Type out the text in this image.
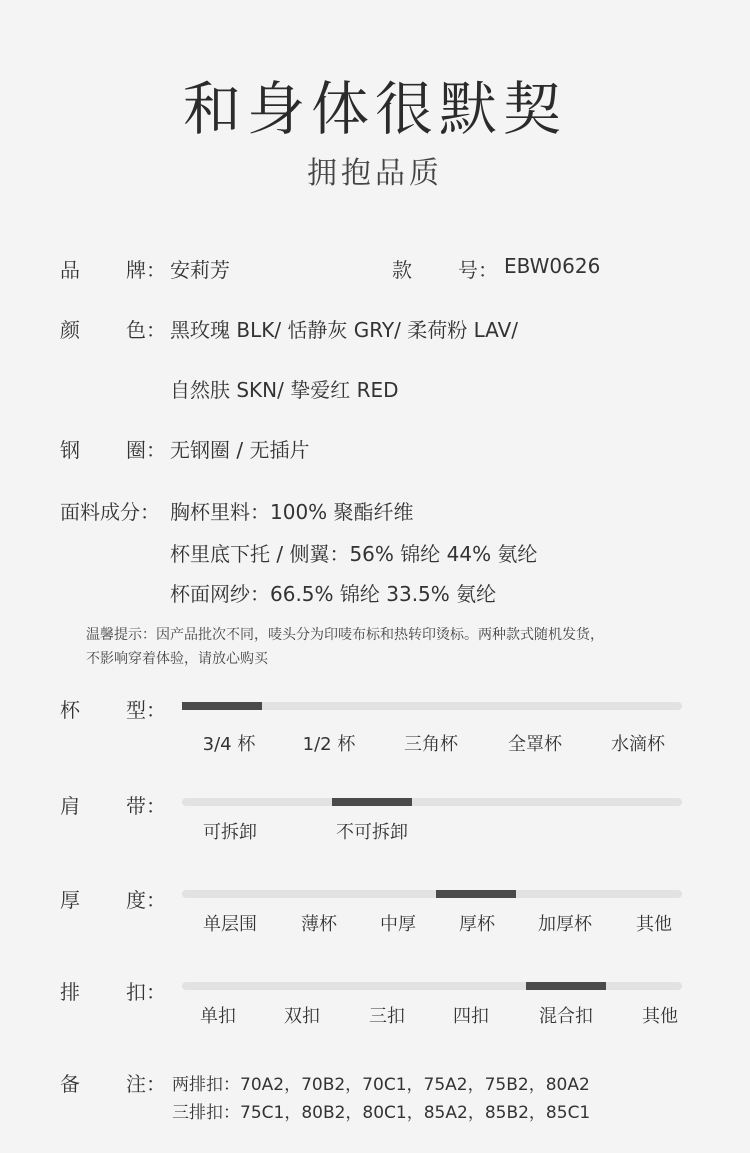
和身体很默契
拥抱品质
品 牌： 安莉芳	款 号： EBW0626
颜 色： 黑玫瑰 BLK/ 恬静灰 GRY/ 柔荷粉 LAV/
自然肤 SKN/ 挚爱红 RED
钢 圈： 无钢圈 / 无插片
面料成分： 胸杯里料：100% 聚酯纤维
杯里底下托 / 侧翼：56% 锦纶 44% 氨纶
杯面网纱：66.5% 锦纶 33.5% 氨纶
温馨提示：因产品批次不同，唛头分为印唛布标和热转印烫标。两种款式随机发货，
不影响穿着体验，请放心购买
杯 型：
3/4 杯	1/2 杯	三角杯	全罩杯	水滴杯
肩 带：
可拆卸	不可拆卸
厚 度：
单层围 薄杯 中厚 厚杯 加厚杯 其他
排 扣：
单扣	双扣	三扣	四扣	混合扣	其他
备 注： 两排扣：70A2，70B2，70C1，75A2，75B2，80A2
三排扣：75C1，80B2，80C1，85A2，85B2，85C1
